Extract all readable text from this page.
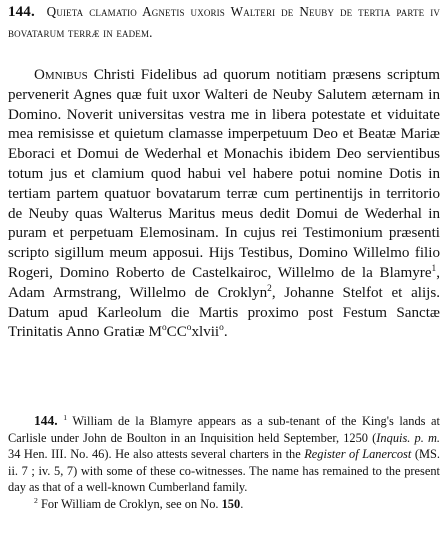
144. Quieta clamatio Agnetis uxoris Walteri de Neuby de tertia parte iv bovatarum terræ in eadem.
Omnibus Christi Fidelibus ad quorum notitiam præsens scriptum pervenerit Agnes quæ fuit uxor Walteri de Neuby Salutem æternam in Domino. Noverit universitas vestra me in libera potestate et viduitate mea remisisse et quietum clamasse imperpetuum Deo et Beatæ Mariæ Eboraci et Domui de Wederhal et Monachis ibidem Deo servientibus totum jus et clamium quod habui vel habere potui nomine Dotis in tertiam partem quatuor bovatarum terræ cum pertinentijs in territorio de Neuby quas Walterus Maritus meus dedit Domui de Wederhal in puram et perpetuam Elemosinam. In cujus rei Testimonium præsenti scripto sigillum meum apposui. Hijs Testibus, Domino Willelmo filio Rogeri, Domino Roberto de Castelkairoc, Willelmo de la Blamyre$^1$, Adam Armstrang, Willelmo de Croklyn$^2$, Johanne Stelfot et alijs. Datum apud Karleolum die Martis proximo post Festum Sanctæ Trinitatis Anno Gratiæ $M^oCC^oxlvii^o$.

144. $^1$ William de la Blamyre appears as a sub-tenant of the King's lands at Carlisle under John de Boulton in an Inquisition held September, 1250 (Inquis. p. m. 34 Hen. III. No. 46). He also attests several charters in the Register of Lanercost (MS. ii. 7 ; iv. 5, 7) with some of these co-witnesses. The name has remained to the present day as that of a well-known Cumberland family.

$^2$ For William de Croklyn, see on No. 150.
